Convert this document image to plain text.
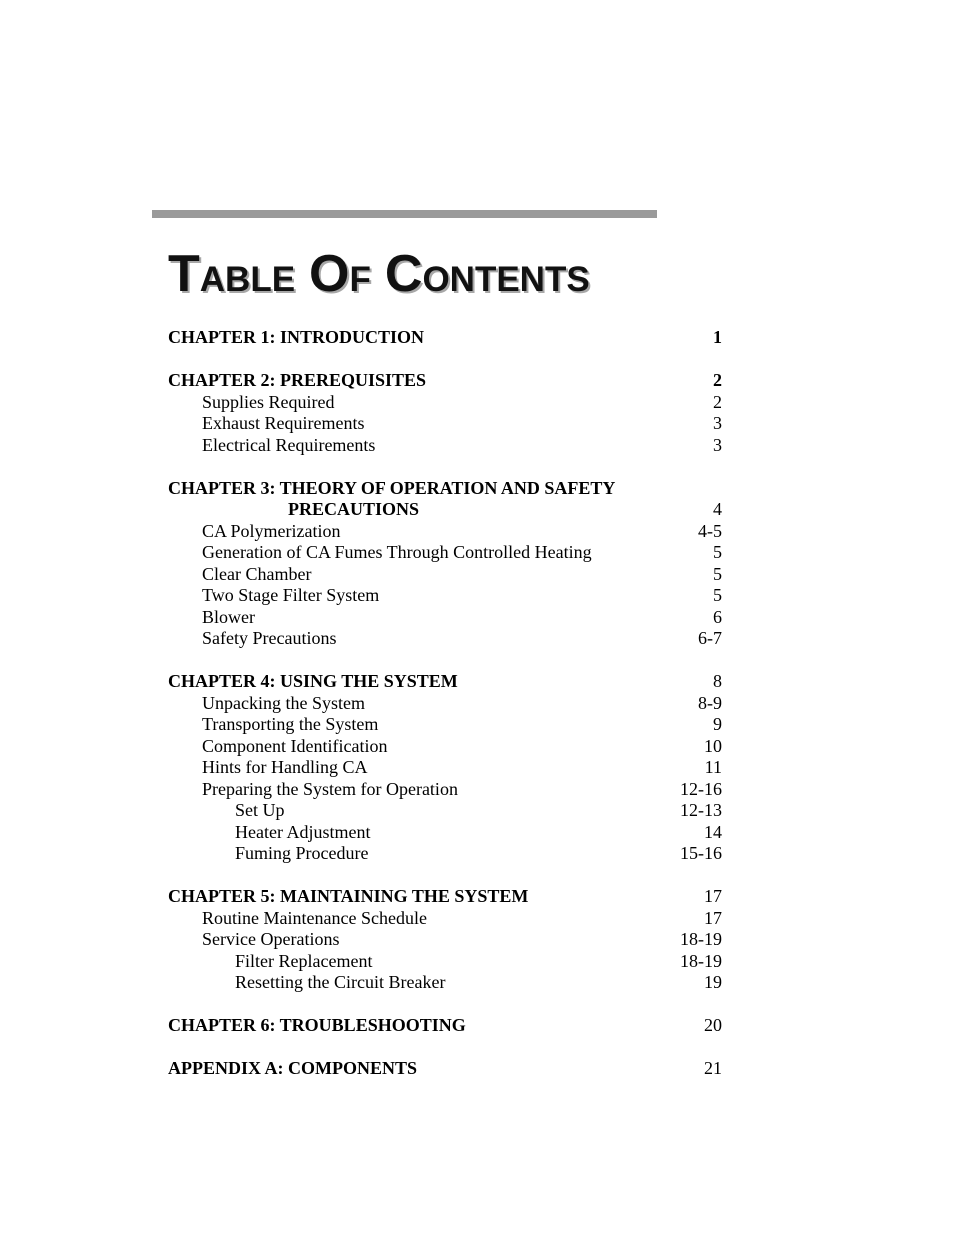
TABLE OF CONTENTS
CHAPTER 1: INTRODUCTION	1
CHAPTER 2: PREREQUISITES	2
Supplies Required	2
Exhaust Requirements	3
Electrical Requirements	3
CHAPTER 3: THEORY OF OPERATION AND SAFETY
PRECAUTIONS	4
CA Polymerization	4-5
Generation of CA Fumes Through Controlled Heating	5
Clear Chamber	5
Two Stage Filter System	5
Blower	6
Safety Precautions	6-7
CHAPTER 4: USING THE SYSTEM	8
Unpacking the System	8-9
Transporting the System	9
Component Identification	10
Hints for Handling CA	11
Preparing the System for Operation	12-16
Set Up	12-13
Heater Adjustment	14
Fuming Procedure	15-16
CHAPTER 5: MAINTAINING THE SYSTEM	17
Routine Maintenance Schedule	17
Service Operations	18-19
Filter Replacement	18-19
Resetting the Circuit Breaker	19
CHAPTER 6: TROUBLESHOOTING	20
APPENDIX A: COMPONENTS	21
